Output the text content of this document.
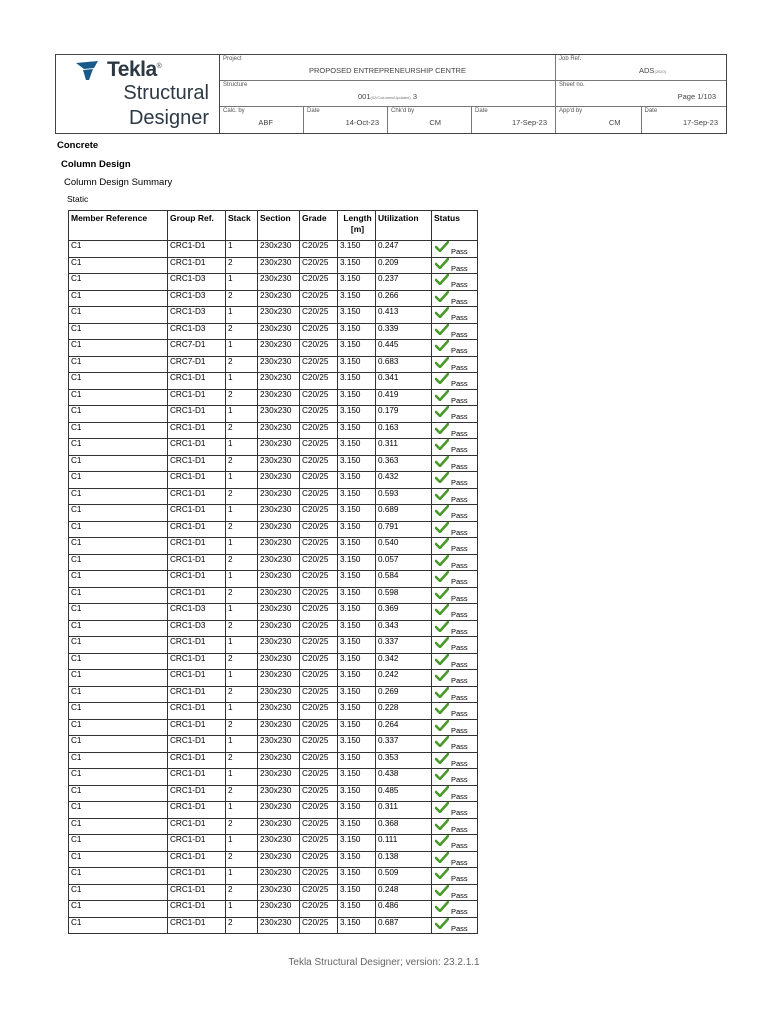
Tekla®
Structural
Designer
Project
PROPOSED ENTREPRENEURSHIP CENTRE
Job Ref.
ADS(2020)
Structure
001(02/Columns/Updated) 3
Sheet no.
Page 1/103
Calc. by
ABF
Date
14-Oct-23
Chk'd by
CM
Date
17-Sep-23
App'd by
CM
Date
17-Sep-23
Concrete
Column Design
Column Design Summary
Static
Member Reference	Group Ref.	Stack	Section	Grade	Length [m]	Utilization	Status
C1	CRC1-D1	1	230x230	C20/25	3.150	0.247	Pass

C1	CRC1-D1	2	230x230	C20/25	3.150	0.209	Pass

C1	CRC1-D3	1	230x230	C20/25	3.150	0.237	Pass

C1	CRC1-D3	2	230x230	C20/25	3.150	0.266	Pass

C1	CRC1-D3	1	230x230	C20/25	3.150	0.413	Pass

C1	CRC1-D3	2	230x230	C20/25	3.150	0.339	Pass

C1	CRC7-D1	1	230x230	C20/25	3.150	0.445	Pass

C1	CRC7-D1	2	230x230	C20/25	3.150	0.683	Pass

C1	CRC1-D1	1	230x230	C20/25	3.150	0.341	Pass

C1	CRC1-D1	2	230x230	C20/25	3.150	0.419	Pass

C1	CRC1-D1	1	230x230	C20/25	3.150	0.179	Pass

C1	CRC1-D1	2	230x230	C20/25	3.150	0.163	Pass

C1	CRC1-D1	1	230x230	C20/25	3.150	0.311	Pass

C1	CRC1-D1	2	230x230	C20/25	3.150	0.363	Pass

C1	CRC1-D1	1	230x230	C20/25	3.150	0.432	Pass

C1	CRC1-D1	2	230x230	C20/25	3.150	0.593	Pass

C1	CRC1-D1	1	230x230	C20/25	3.150	0.689	Pass

C1	CRC1-D1	2	230x230	C20/25	3.150	0.791	Pass

C1	CRC1-D1	1	230x230	C20/25	3.150	0.540	Pass

C1	CRC1-D1	2	230x230	C20/25	3.150	0.057	Pass

C1	CRC1-D1	1	230x230	C20/25	3.150	0.584	Pass

C1	CRC1-D1	2	230x230	C20/25	3.150	0.598	Pass

C1	CRC1-D3	1	230x230	C20/25	3.150	0.369	Pass

C1	CRC1-D3	2	230x230	C20/25	3.150	0.343	Pass

C1	CRC1-D1	1	230x230	C20/25	3.150	0.337	Pass

C1	CRC1-D1	2	230x230	C20/25	3.150	0.342	Pass

C1	CRC1-D1	1	230x230	C20/25	3.150	0.242	Pass

C1	CRC1-D1	2	230x230	C20/25	3.150	0.269	Pass

C1	CRC1-D1	1	230x230	C20/25	3.150	0.228	Pass

C1	CRC1-D1	2	230x230	C20/25	3.150	0.264	Pass

C1	CRC1-D1	1	230x230	C20/25	3.150	0.337	Pass

C1	CRC1-D1	2	230x230	C20/25	3.150	0.353	Pass

C1	CRC1-D1	1	230x230	C20/25	3.150	0.438	Pass

C1	CRC1-D1	2	230x230	C20/25	3.150	0.485	Pass

C1	CRC1-D1	1	230x230	C20/25	3.150	0.311	Pass

C1	CRC1-D1	2	230x230	C20/25	3.150	0.368	Pass

C1	CRC1-D1	1	230x230	C20/25	3.150	0.111	Pass

C1	CRC1-D1	2	230x230	C20/25	3.150	0.138	Pass

C1	CRC1-D1	1	230x230	C20/25	3.150	0.509	Pass

C1	CRC1-D1	2	230x230	C20/25	3.150	0.248	Pass

C1	CRC1-D1	1	230x230	C20/25	3.150	0.486	Pass

C1	CRC1-D1	2	230x230	C20/25	3.150	0.687	Pass
Tekla Structural Designer; version: 23.2.1.1
